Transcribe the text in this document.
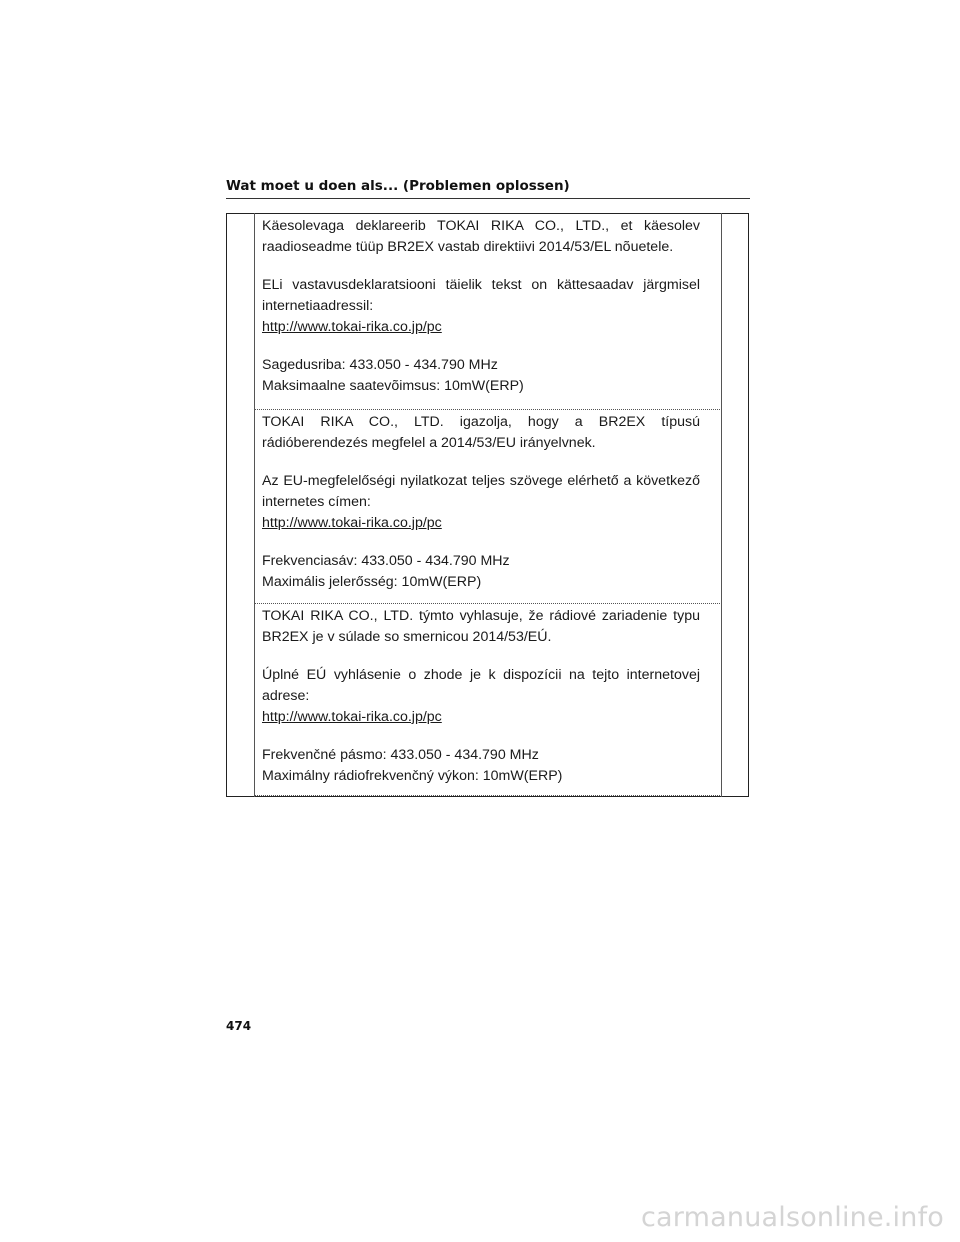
Wat moet u doen als... (Problemen oplossen)

Käesolevaga deklareerib TOKAI RIKA CO., LTD., et käesolev raadioseadme tüüp BR2EX vastab direktiivi 2014/53/EL nõuetele.

ELi vastavusdeklaratsiooni täielik tekst on kättesaadav järgmisel internetiaadressil:

http://www.tokai-rika.co.jp/pc

Sagedusriba: 433.050 - 434.790 MHz

Maksimaalne saatevõimsus: 10mW(ERP)

TOKAI RIKA CO., LTD. igazolja, hogy a BR2EX típusú rádióberendezés megfelel a 2014/53/EU irányelvnek.

Az EU-megfelelőségi nyilatkozat teljes szövege elérhető a következő internetes címen:

http://www.tokai-rika.co.jp/pc

Frekvenciasáv: 433.050 - 434.790 MHz

Maximális jelerősség: 10mW(ERP)

TOKAI RIKA CO., LTD. týmto vyhlasuje, že rádiové zariadenie typu BR2EX je v súlade so smernicou 2014/53/EÚ.

Úplné EÚ vyhlásenie o zhode je k dispozícii na tejto internetovej adrese:

http://www.tokai-rika.co.jp/pc

Frekvenčné pásmo: 433.050 - 434.790 MHz

Maximálny rádiofrekvenčný výkon: 10mW(ERP)

474
carmanualsonline.info
